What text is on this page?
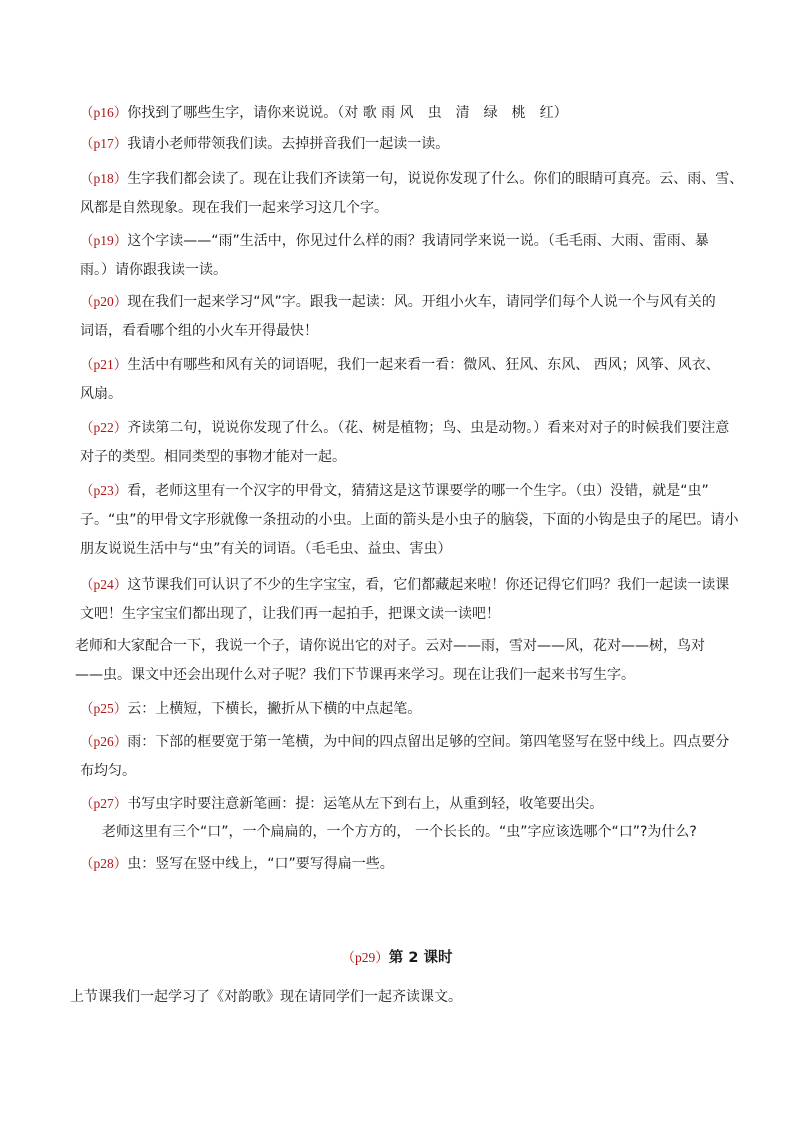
（p16）你找到了哪些生字，请你来说说。（对 歌 雨 风　虫　清　绿　桃　红）

（p17）我请小老师带领我们读。去掉拼音我们一起读一读。

（p18）生字我们都会读了。现在让我们齐读第一句，说说你发现了什么。你们的眼睛可真亮。云、雨、雪、
风都是自然现象。现在我们一起来学习这几个字。

（p19）这个字读——“雨”生活中，你见过什么样的雨？我请同学来说一说。（毛毛雨、大雨、雷雨、暴
雨。）请你跟我读一读。

（p20）现在我们一起来学习“风”字。跟我一起读：风。开组小火车，请同学们每个人说一个与风有关的
词语，看看哪个组的小火车开得最快！

（p21）生活中有哪些和风有关的词语呢，我们一起来看一看：微风、狂风、东风、 西风；风筝、风衣、
风扇。

（p22）齐读第二句，说说你发现了什么。（花、树是植物；鸟、虫是动物。）看来对对子的时候我们要注意
对子的类型。相同类型的事物才能对一起。

（p23）看，老师这里有一个汉字的甲骨文，猜猜这是这节课要学的哪一个生字。（虫）没错，就是“虫”
子。“虫”的甲骨文字形就像一条扭动的小虫。上面的箭头是小虫子的脑袋，下面的小钩是虫子的尾巴。请小
朋友说说生活中与“虫”有关的词语。（毛毛虫、益虫、害虫）

（p24）这节课我们可认识了不少的生字宝宝，看，它们都藏起来啦！你还记得它们吗？我们一起读一读课
文吧！生字宝宝们都出现了，让我们再一起拍手，把课文读一读吧！

老师和大家配合一下，我说一个子，请你说出它的对子。云对——雨，雪对——风，花对——树，鸟对
——虫。课文中还会出现什么对子呢？我们下节课再来学习。现在让我们一起来书写生字。

（p25）云：上横短，下横长，撇折从下横的中点起笔。

（p26）雨：下部的框要宽于第一笔横，为中间的四点留出足够的空间。第四笔竖写在竖中线上。四点要分
布均匀。

（p27）书写虫字时要注意新笔画：提：运笔从左下到右上，从重到轻，收笔要出尖。

老师这里有三个“口”，一个扁扁的，一个方方的， 一个长长的。“虫”字应该选哪个“口”?为什么?

（p28）虫：竖写在竖中线上，“口”要写得扁一些。

（p29）第 2 课时

上节课我们一起学习了《对韵歌》现在请同学们一起齐读课文。
